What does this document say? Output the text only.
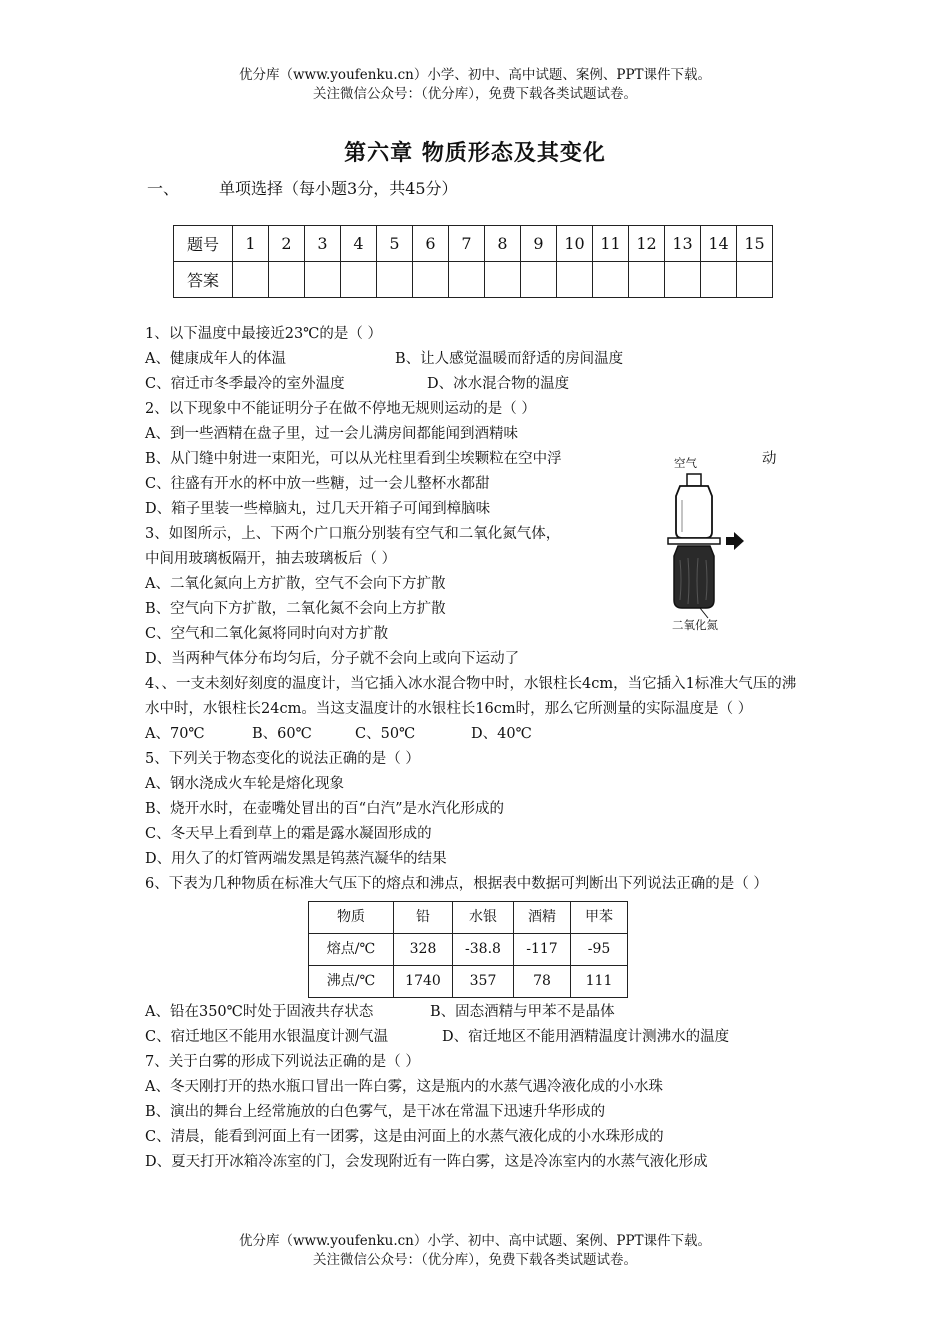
优分库（www.youfenku.cn）小学、初中、高中试题、案例、PPT课件下载。
关注微信公众号：（优分库），免费下载各类试题试卷。
第六章 物质形态及其变化
一、	单项选择（每小题3分，共45分）
题号	1	2	3	4	5	6	7	8	9	10	11	12	13	14	15
答案															

1、以下温度中最接近23℃的是（ ）

A、健康成年人的体温	B、让人感觉温暖而舒适的房间温度

C、宿迁市冬季最冷的室外温度	D、冰水混合物的温度

2、以下现象中不能证明分子在做不停地无规则运动的是（ ）

A、到一些酒精在盘子里，过一会儿满房间都能闻到酒精味

B、从门缝中射进一束阳光，可以从光柱里看到尘埃颗粒在空中浮	动

C、往盛有开水的杯中放一些糖，过一会儿整杯水都甜

D、箱子里装一些樟脑丸，过几天开箱子可闻到樟脑味

3、如图所示，上、下两个广口瓶分别装有空气和二氧化氮气体，

中间用玻璃板隔开，抽去玻璃板后（ ）

A、二氧化氮向上方扩散，空气不会向下方扩散

B、空气向下方扩散，二氧化氮不会向上方扩散

C、空气和二氧化氮将同时向对方扩散

D、当两种气体分布均匀后，分子就不会向上或向下运动了

4、、一支未刻好刻度的温度计，当它插入冰水混合物中时，水银柱长4cm，当它插入1标准大气压的沸水中时，水银柱长24cm。当这支温度计的水银柱长16cm时，那么它所测量的实际温度是（ ）

A、70℃	B、60℃	C、50℃	D、40℃

5、下列关于物态变化的说法正确的是（ ）

A、钢水浇成火车轮是熔化现象

B、烧开水时，在壶嘴处冒出的百“白汽”是水汽化形成的

C、冬天早上看到草上的霜是露水凝固形成的

D、用久了的灯管两端发黑是钨蒸汽凝华的结果

6、下表为几种物质在标准大气压下的熔点和沸点，根据表中数据可判断出下列说法正确的是（ ）

物质	铅	水银	酒精	甲苯
熔点/℃	328	-38.8	-117	-95
沸点/℃	1740	357	78	111

A、铅在350℃时处于固液共存状态	B、固态酒精与甲苯不是晶体

C、宿迁地区不能用水银温度计测气温	D、宿迁地区不能用酒精温度计测沸水的温度

7、关于白雾的形成下列说法正确的是（ ）

A、冬天刚打开的热水瓶口冒出一阵白雾，这是瓶内的水蒸气遇冷液化成的小水珠

B、演出的舞台上经常施放的白色雾气，是干冰在常温下迅速升华形成的

C、清晨，能看到河面上有一团雾，这是由河面上的水蒸气液化成的小水珠形成的

D、夏天打开冰箱冷冻室的门，会发现附近有一阵白雾，这是冷冻室内的水蒸气液化形成

空气
二氧化氮
优分库（www.youfenku.cn）小学、初中、高中试题、案例、PPT课件下载。
关注微信公众号：（优分库），免费下载各类试题试卷。
